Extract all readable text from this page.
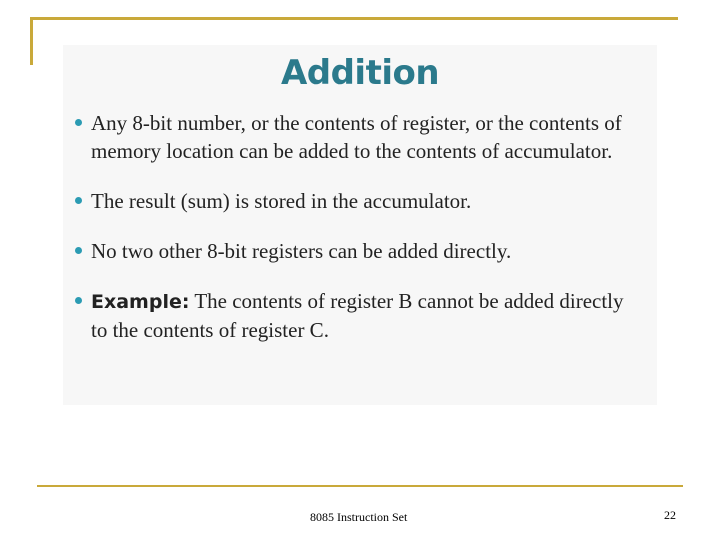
Addition
Any 8-bit number, or the contents of register, or the contents of memory location can be added to the contents of accumulator.
The result (sum) is stored in the accumulator.
No two other 8-bit registers can be added directly.
Example: The contents of register B cannot be added directly to the contents of register C.
8085 Instruction Set	22
